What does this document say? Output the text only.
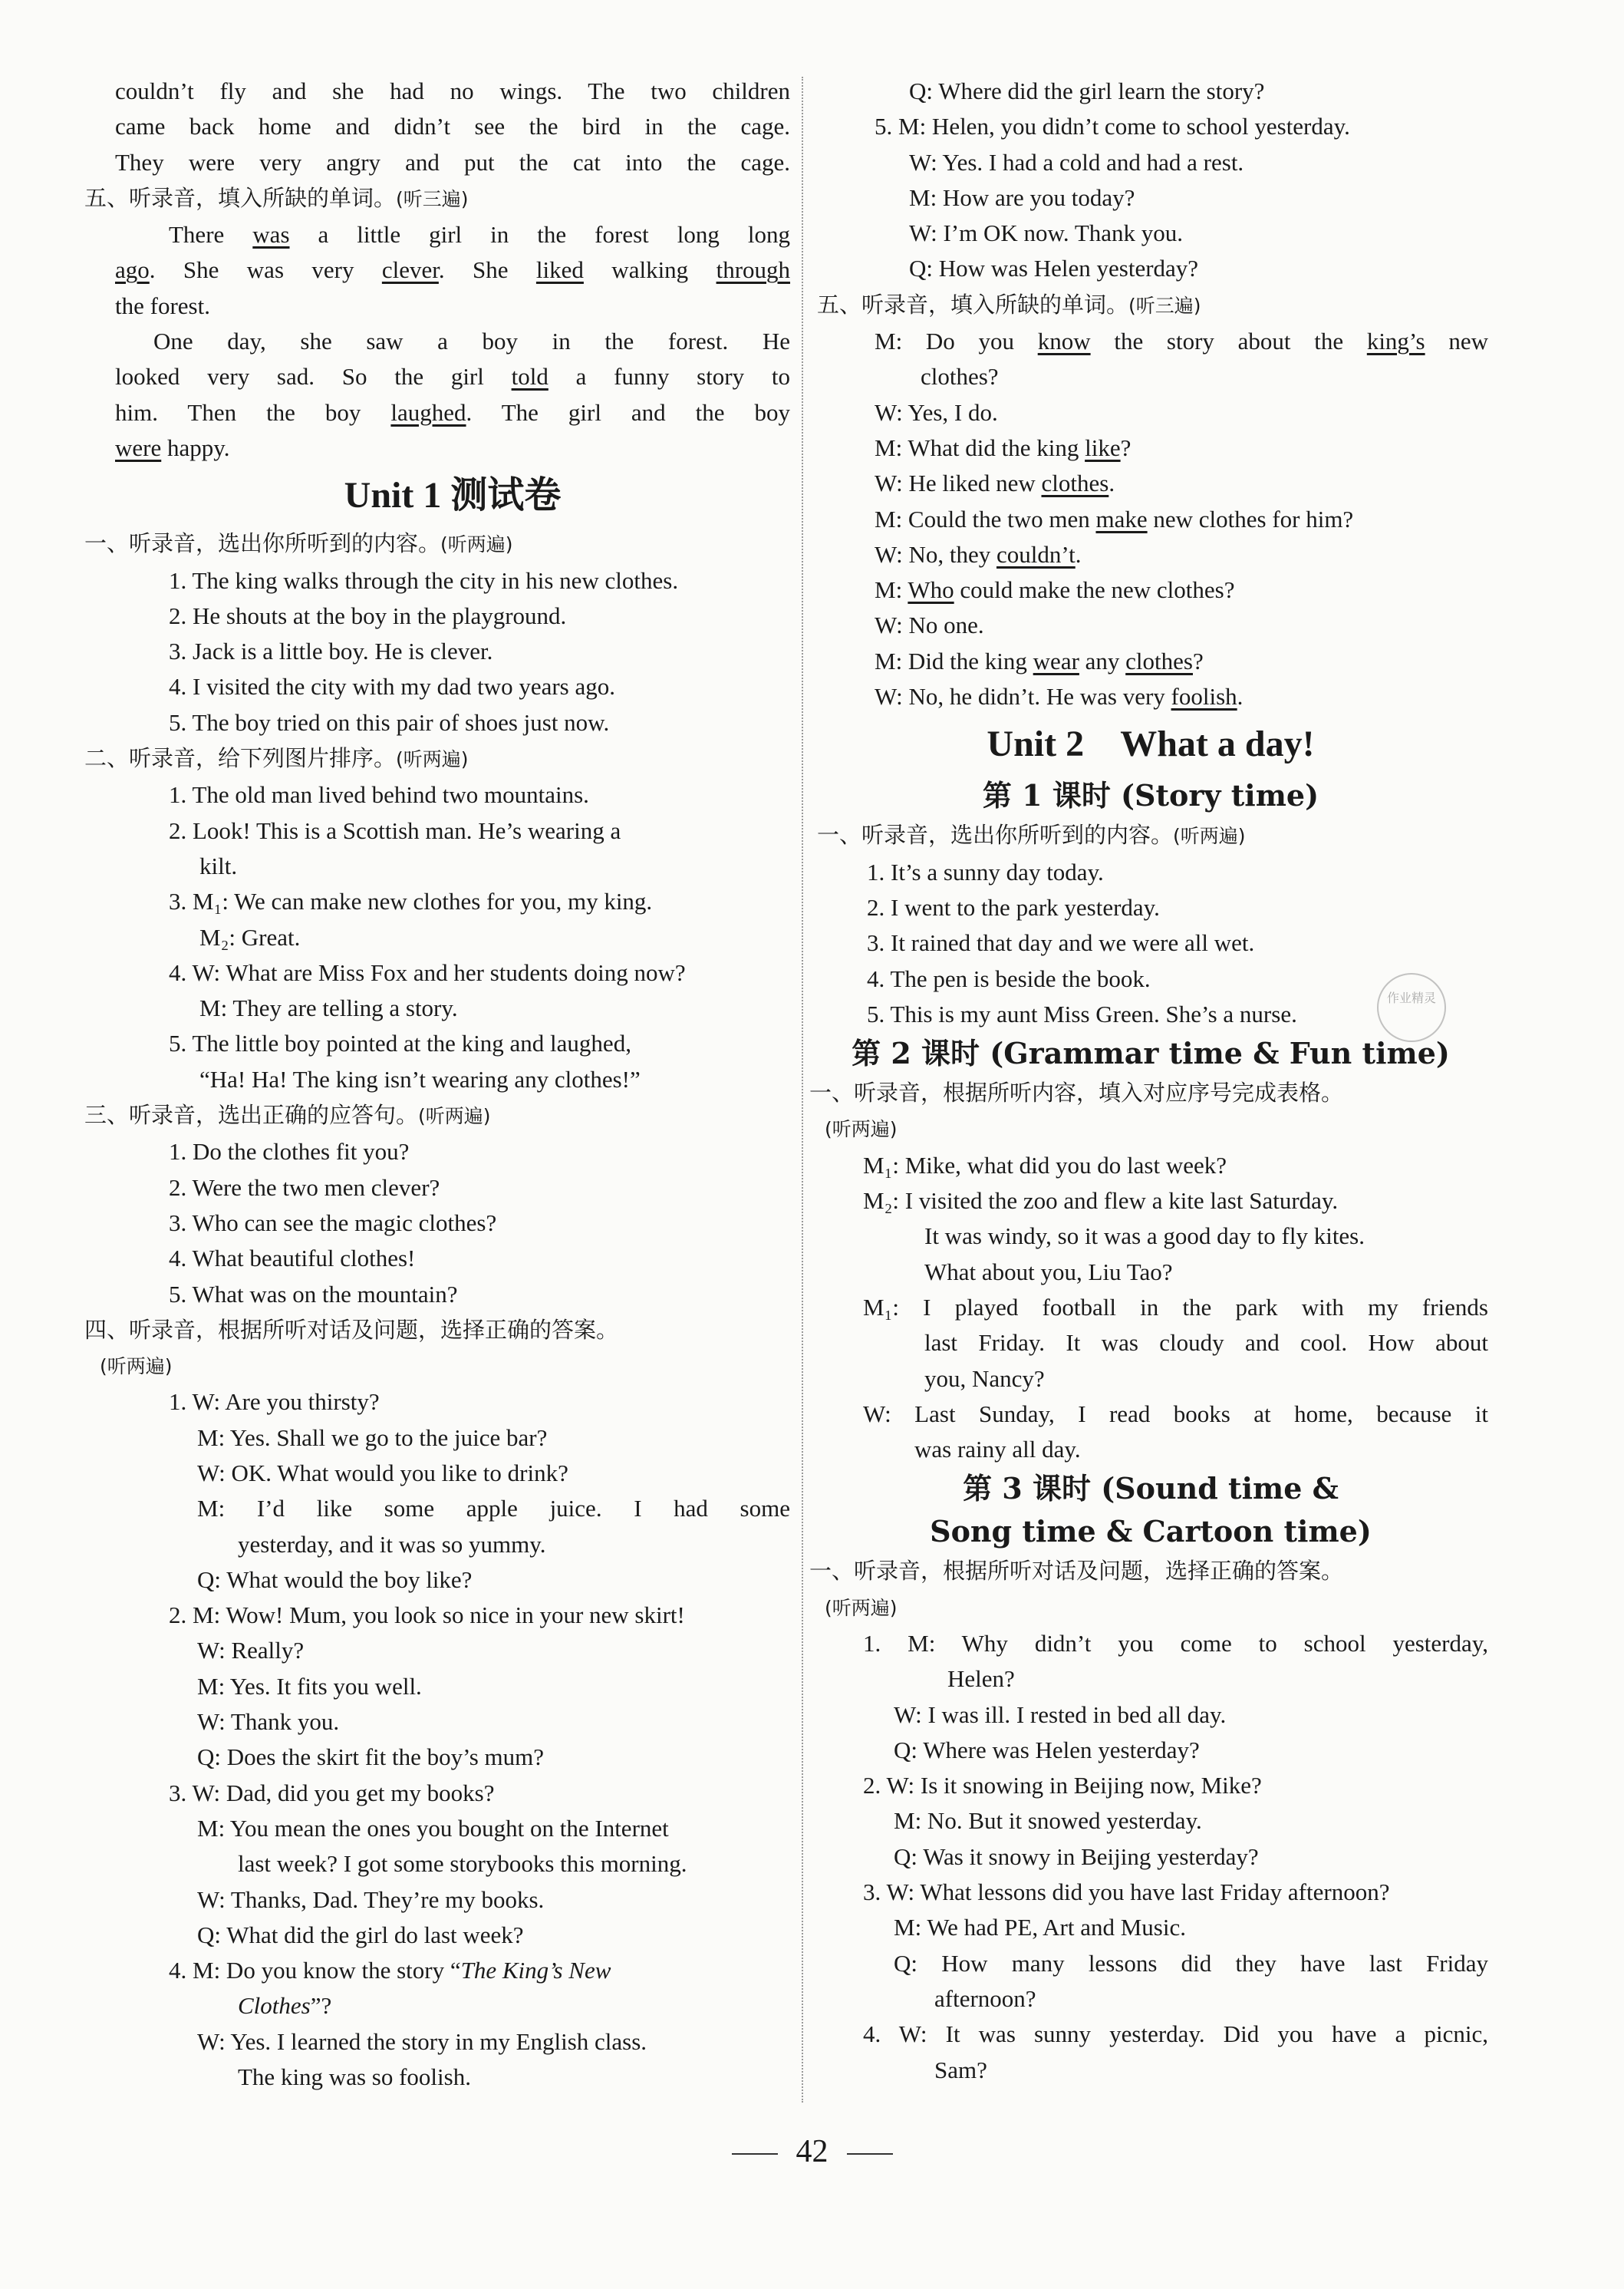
couldn’t fly and she had no wings. The two children
came back home and didn’t see the bird in the cage.
They were very angry and put the cat into the cage.
五、听录音，填入所缺的单词。(听三遍)
There was a little girl in the forest long long
ago. She was very clever. She liked walking through
the forest.
One day, she saw a boy in the forest. He
looked very sad. So the girl told a funny story to
him. Then the boy laughed. The girl and the boy
were happy.
Unit 1 测试卷
一、听录音，选出你所听到的内容。(听两遍)
1. The king walks through the city in his new clothes.
2. He shouts at the boy in the playground.
3. Jack is a little boy. He is clever.
4. I visited the city with my dad two years ago.
5. The boy tried on this pair of shoes just now.
二、听录音，给下列图片排序。(听两遍)
1. The old man lived behind two mountains.
2. Look! This is a Scottish man. He’s wearing a
kilt.
3. M₁: We can make new clothes for you, my king.
M₂: Great.
4. W: What are Miss Fox and her students doing now?
M: They are telling a story.
5. The little boy pointed at the king and laughed,
“Ha! Ha! The king isn’t wearing any clothes!”
三、听录音，选出正确的应答句。(听两遍)
1. Do the clothes fit you?
2. Were the two men clever?
3. Who can see the magic clothes?
4. What beautiful clothes!
5. What was on the mountain?
四、听录音，根据所听对话及问题，选择正确的答案。
(听两遍)
1. W: Are you thirsty?
M: Yes. Shall we go to the juice bar?
W: OK. What would you like to drink?
M: I’d like some apple juice. I had some
yesterday, and it was so yummy.
Q: What would the boy like?
2. M: Wow! Mum, you look so nice in your new skirt!
W: Really?
M: Yes. It fits you well.
W: Thank you.
Q: Does the skirt fit the boy’s mum?
3. W: Dad, did you get my books?
M: You mean the ones you bought on the Internet
last week? I got some storybooks this morning.
W: Thanks, Dad. They’re my books.
Q: What did the girl do last week?
4. M: Do you know the story “The King’s New
Clothes”?
W: Yes. I learned the story in my English class.
The king was so foolish.
Q: Where did the girl learn the story?
5. M: Helen, you didn’t come to school yesterday.
W: Yes. I had a cold and had a rest.
M: How are you today?
W: I’m OK now. Thank you.
Q: How was Helen yesterday?
五、听录音，填入所缺的单词。(听三遍)
M: Do you know the story about the king’s new
clothes?
W: Yes, I do.
M: What did the king like?
W: He liked new clothes.
M: Could the two men make new clothes for him?
W: No, they couldn’t.
M: Who could make the new clothes?
W: No one.
M: Did the king wear any clothes?
W: No, he didn’t. He was very foolish.
Unit 2    What a day!
第 1 课时 (Story time)
一、听录音，选出你所听到的内容。(听两遍)
1. It’s a sunny day today.
2. I went to the park yesterday.
3. It rained that day and we were all wet.
4. The pen is beside the book.
5. This is my aunt Miss Green. She’s a nurse.
第 2 课时 (Grammar time & Fun time)
一、听录音，根据所听内容，填入对应序号完成表格。
(听两遍)
M₁: Mike, what did you do last week?
M₂: I visited the zoo and flew a kite last Saturday.
It was windy, so it was a good day to fly kites.
What about you, Liu Tao?
M₁: I played football in the park with my friends
last Friday. It was cloudy and cool. How about
you, Nancy?
W: Last Sunday, I read books at home, because it
was rainy all day.
第 3 课时 (Sound time &
Song time & Cartoon time)
一、听录音，根据所听对话及问题，选择正确的答案。
(听两遍)
1. M: Why didn’t you come to school yesterday,
Helen?
W: I was ill. I rested in bed all day.
Q: Where was Helen yesterday?
2. W: Is it snowing in Beijing now, Mike?
M: No. But it snowed yesterday.
Q: Was it snowy in Beijing yesterday?
3. W: What lessons did you have last Friday afternoon?
M: We had PE, Art and Music.
Q: How many lessons did they have last Friday
afternoon?
4. W: It was sunny yesterday. Did you have a picnic,
Sam?
作业精灵
42
